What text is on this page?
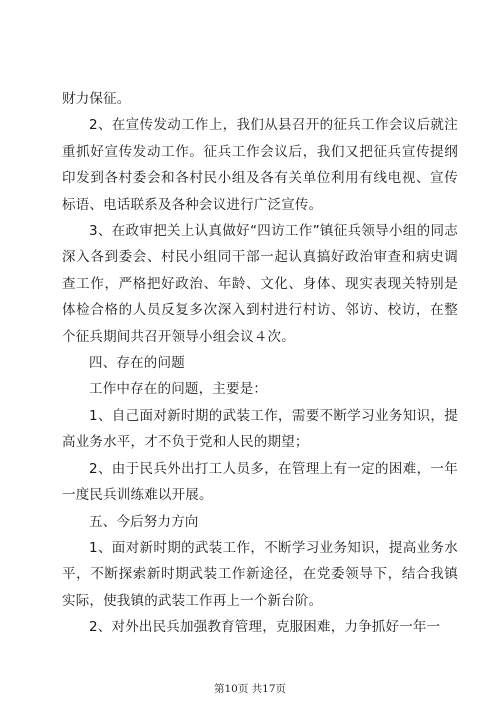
财力保征。

2、在宣传发动工作上，我们从县召开的征兵工作会议后就注重抓好宣传发动工作。征兵工作会议后，我们又把征兵宣传提纲印发到各村委会和各村民小组及各有关单位利用有线电视、宣传标语、电话联系及各种会议进行广泛宣传。

3、在政审把关上认真做好“四访工作”镇征兵领导小组的同志深入各到委会、村民小组同干部一起认真搞好政治审查和病史调查工作，严格把好政治、年龄、文化、身体、现实表现关特别是体检合格的人员反复多次深入到村进行村访、邻访、校访，在整个征兵期间共召开领导小组会议４次。

四、存在的问题

工作中存在的问题，主要是：

1、自己面对新时期的武装工作，需要不断学习业务知识，提高业务水平，才不负于党和人民的期望；

2、由于民兵外出打工人员多，在管理上有一定的困难，一年一度民兵训练难以开展。

五、今后努力方向

1、面对新时期的武装工作，不断学习业务知识，提高业务水平，不断探索新时期武装工作新途径，在党委领导下，结合我镇实际，使我镇的武装工作再上一个新台阶。

2、对外出民兵加强教育管理，克服困难，力争抓好一年一

第10页 共17页
